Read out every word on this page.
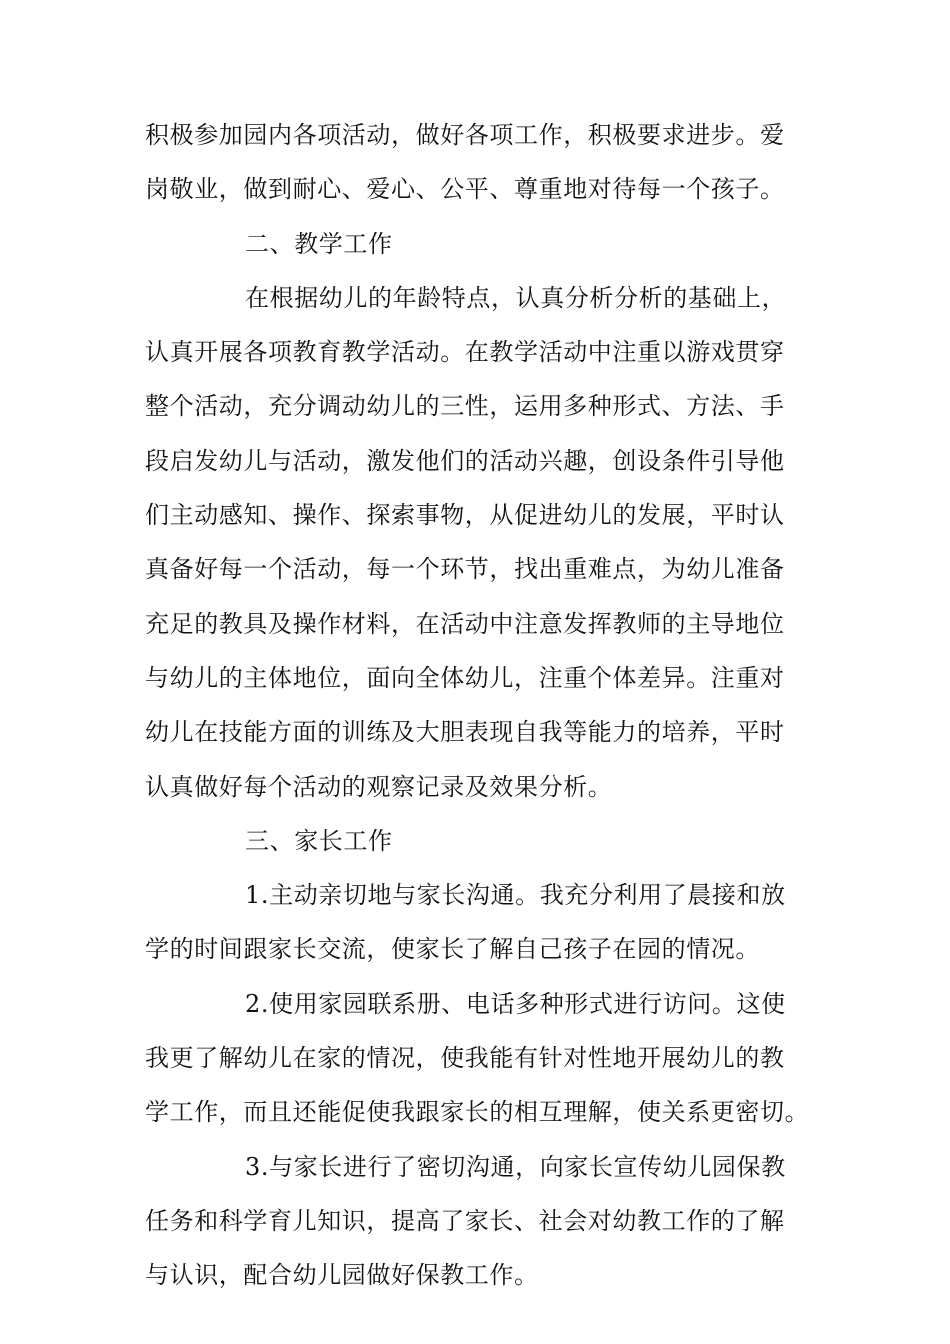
积极参加园内各项活动，做好各项工作，积极要求进步。爱
岗敬业，做到耐心、爱心、公平、尊重地对待每一个孩子。
二、教学工作
在根据幼儿的年龄特点，认真分析分析的基础上，
认真开展各项教育教学活动。在教学活动中注重以游戏贯穿
整个活动，充分调动幼儿的三性，运用多种形式、方法、手
段启发幼儿与活动，激发他们的活动兴趣，创设条件引导他
们主动感知、操作、探索事物，从促进幼儿的发展，平时认
真备好每一个活动，每一个环节，找出重难点，为幼儿准备
充足的教具及操作材料，在活动中注意发挥教师的主导地位
与幼儿的主体地位，面向全体幼儿，注重个体差异。注重对
幼儿在技能方面的训练及大胆表现自我等能力的培养，平时
认真做好每个活动的观察记录及效果分析。
三、家长工作
1.主动亲切地与家长沟通。我充分利用了晨接和放
学的时间跟家长交流，使家长了解自己孩子在园的情况。
2.使用家园联系册、电话多种形式进行访问。这使
我更了解幼儿在家的情况，使我能有针对性地开展幼儿的教
学工作，而且还能促使我跟家长的相互理解，使关系更密切。
3.与家长进行了密切沟通，向家长宣传幼儿园保教
任务和科学育儿知识，提高了家长、社会对幼教工作的了解
与认识，配合幼儿园做好保教工作。
